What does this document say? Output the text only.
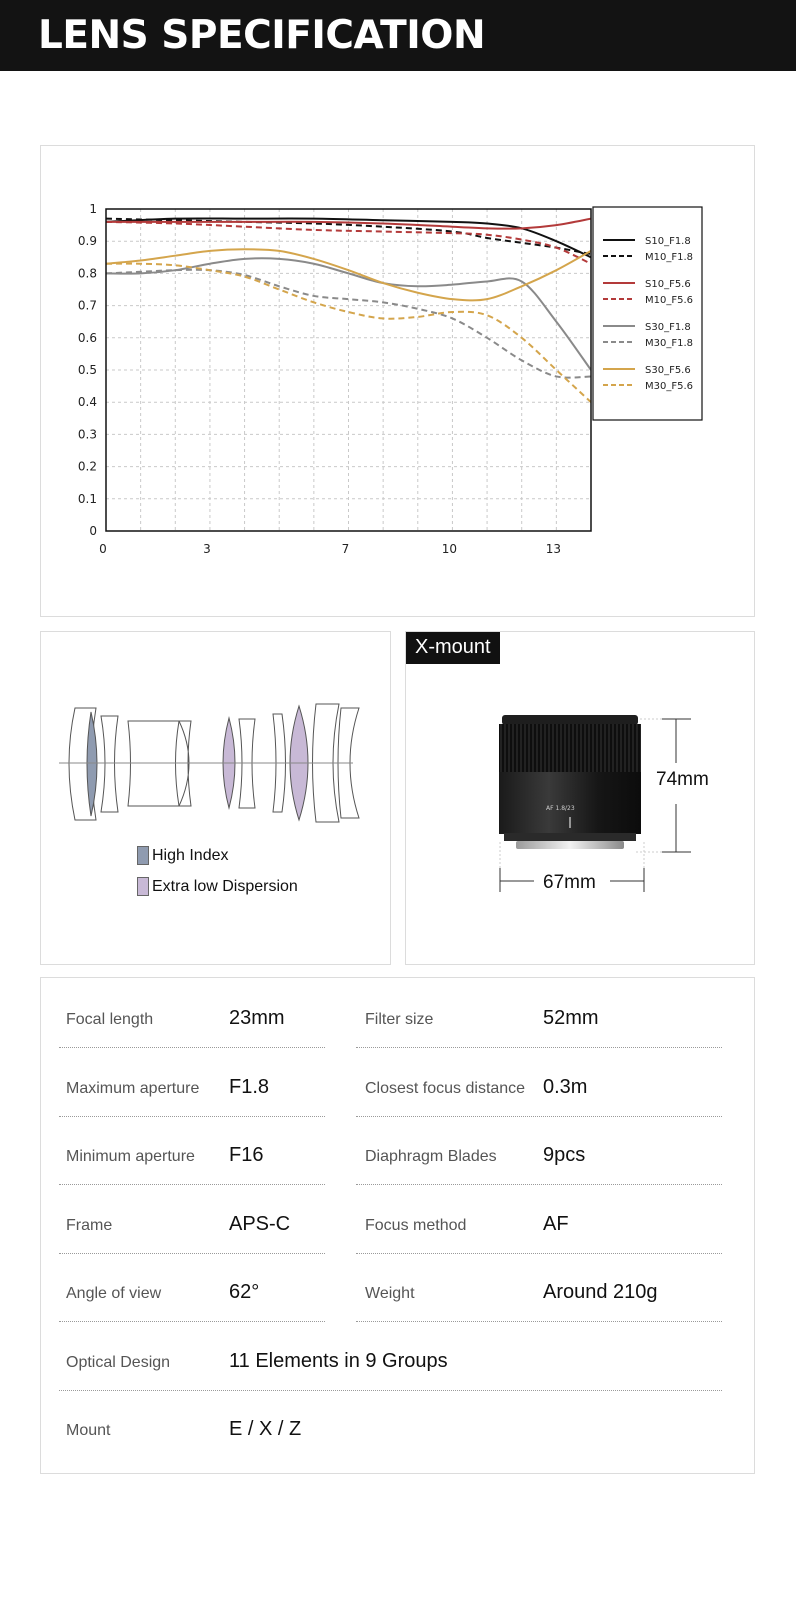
LENS SPECIFICATION
0
0.1
0.2
0.3
0.4
0.5
0.6
0.7
0.8
0.9
1
0	3	7	10	13
S10_F1.8
M10_F1.8
S10_F5.6
M10_F5.6
S30_F1.8
M30_F1.8
S30_F5.6
M30_F5.6
High Index
Extra low Dispersion
X-mount
AF 1.8/23
74mm
67mm
Focal length	23mm	Filter size	52mm
Maximum aperture F1.8	Closest focus distance 0.3m
Minimum aperture F16	Diaphragm Blades 9pcs
Frame	APS-C	Focus method	AF
Angle of view	62°	Weight	Around 210g
Optical Design	11 Elements in 9 Groups
Mount	E / X / Z
